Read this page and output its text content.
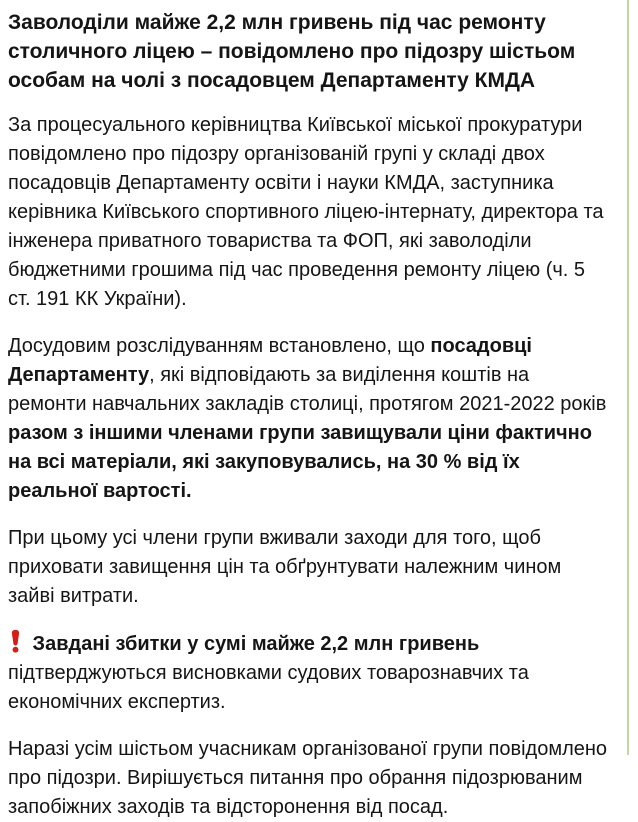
Заволоділи майже 2,2 млн гривень під час ремонту столичного ліцею – повідомлено про підозру шістьом особам на чолі з посадовцем Департаменту КМДА

За процесуального керівництва Київської міської прокуратури повідомлено про підозру організованій групі у складі двох посадовців Департаменту освіти і науки КМДА, заступника керівника Київського спортивного ліцею-інтернату, директора та інженера приватного товариства та ФОП, які заволоділи бюджетними грошима під час проведення ремонту ліцею (ч. 5 ст. 191 КК України).

Досудовим розслідуванням встановлено, що посадовці Департаменту, які відповідають за виділення коштів на ремонти навчальних закладів столиці, протягом 2021-2022 років разом з іншими членами групи завищували ціни фактично на всі матеріали, які закуповувались, на 30 % від їх реальної вартості.

При цьому усі члени групи вживали заходи для того, щоб приховати завищення цін та обґрунтувати належним чином зайві витрати.

Завдані збитки у сумі майже 2,2 млн гривень підтверджуються висновками судових товарознавчих та економічних експертиз.

Наразі усім шістьом учасникам організованої групи повідомлено про підозри. Вирішується питання про обрання підозрюваним запобіжних заходів та відсторонення від посад.
